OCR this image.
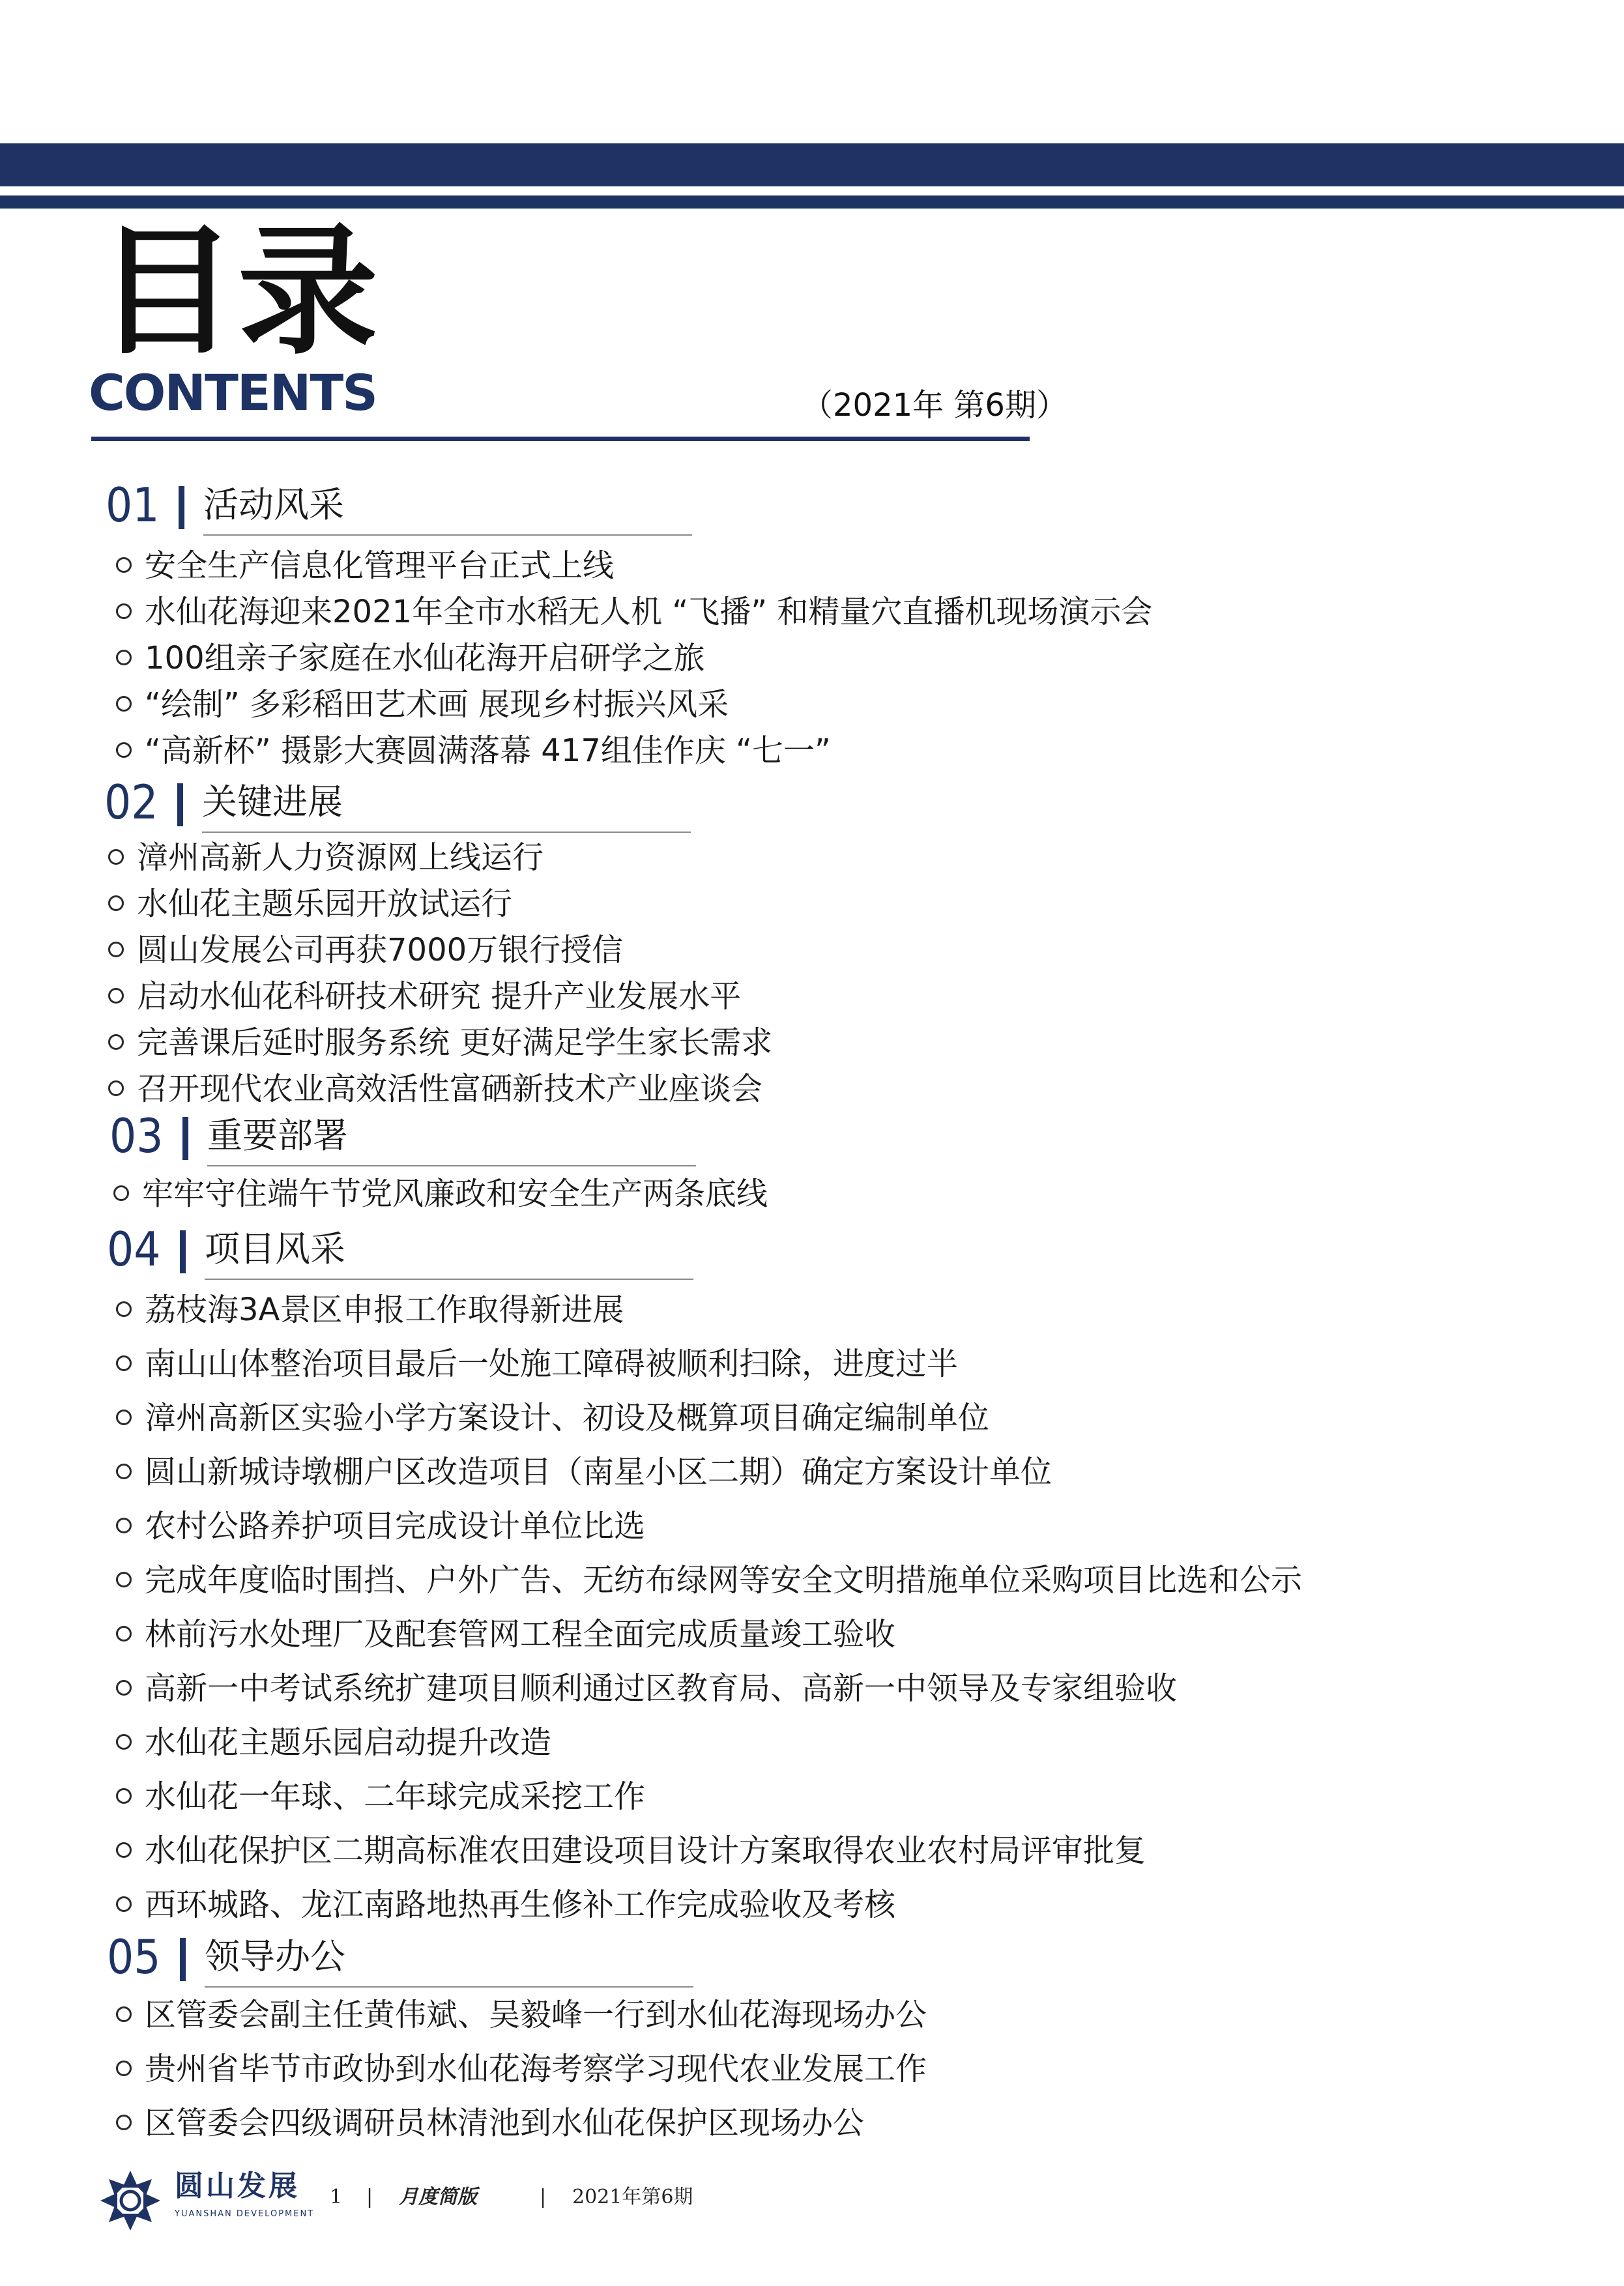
目录
CONTENTS	（2021年 第6期）
01 活动风采
安全生产信息化管理平台正式上线
水仙花海迎来2021年全市水稻无人机 “飞播” 和精量穴直播机现场演示会
100组亲子家庭在水仙花海开启研学之旅
“绘制” 多彩稻田艺术画 展现乡村振兴风采
“高新杯” 摄影大赛圆满落幕 417组佳作庆 “七一”
02 关键进展
漳州高新人力资源网上线运行
水仙花主题乐园开放试运行
圆山发展公司再获7000万银行授信
启动水仙花科研技术研究 提升产业发展水平
完善课后延时服务系统 更好满足学生家长需求
召开现代农业高效活性富硒新技术产业座谈会
03 重要部署
牢牢守住端午节党风廉政和安全生产两条底线
04 项目风采
荔枝海3A景区申报工作取得新进展
南山山体整治项目最后一处施工障碍被顺利扫除，进度过半
漳州高新区实验小学方案设计、初设及概算项目确定编制单位
圆山新城诗墩棚户区改造项目（南星小区二期）确定方案设计单位
农村公路养护项目完成设计单位比选
完成年度临时围挡、户外广告、无纺布绿网等安全文明措施单位采购项目比选和公示
林前污水处理厂及配套管网工程全面完成质量竣工验收
高新一中考试系统扩建项目顺利通过区教育局、高新一中领导及专家组验收
水仙花主题乐园启动提升改造
水仙花一年球、二年球完成采挖工作
水仙花保护区二期高标准农田建设项目设计方案取得农业农村局评审批复
西环城路、龙江南路地热再生修补工作完成验收及考核
05 领导办公
区管委会副主任黄伟斌、吴毅峰一行到水仙花海现场办公
贵州省毕节市政协到水仙花海考察学习现代农业发展工作
区管委会四级调研员林清池到水仙花保护区现场办公
圆山发展
YUANSHAN DEVELOPMENT
1 | 月度简版	| 2021年第6期
